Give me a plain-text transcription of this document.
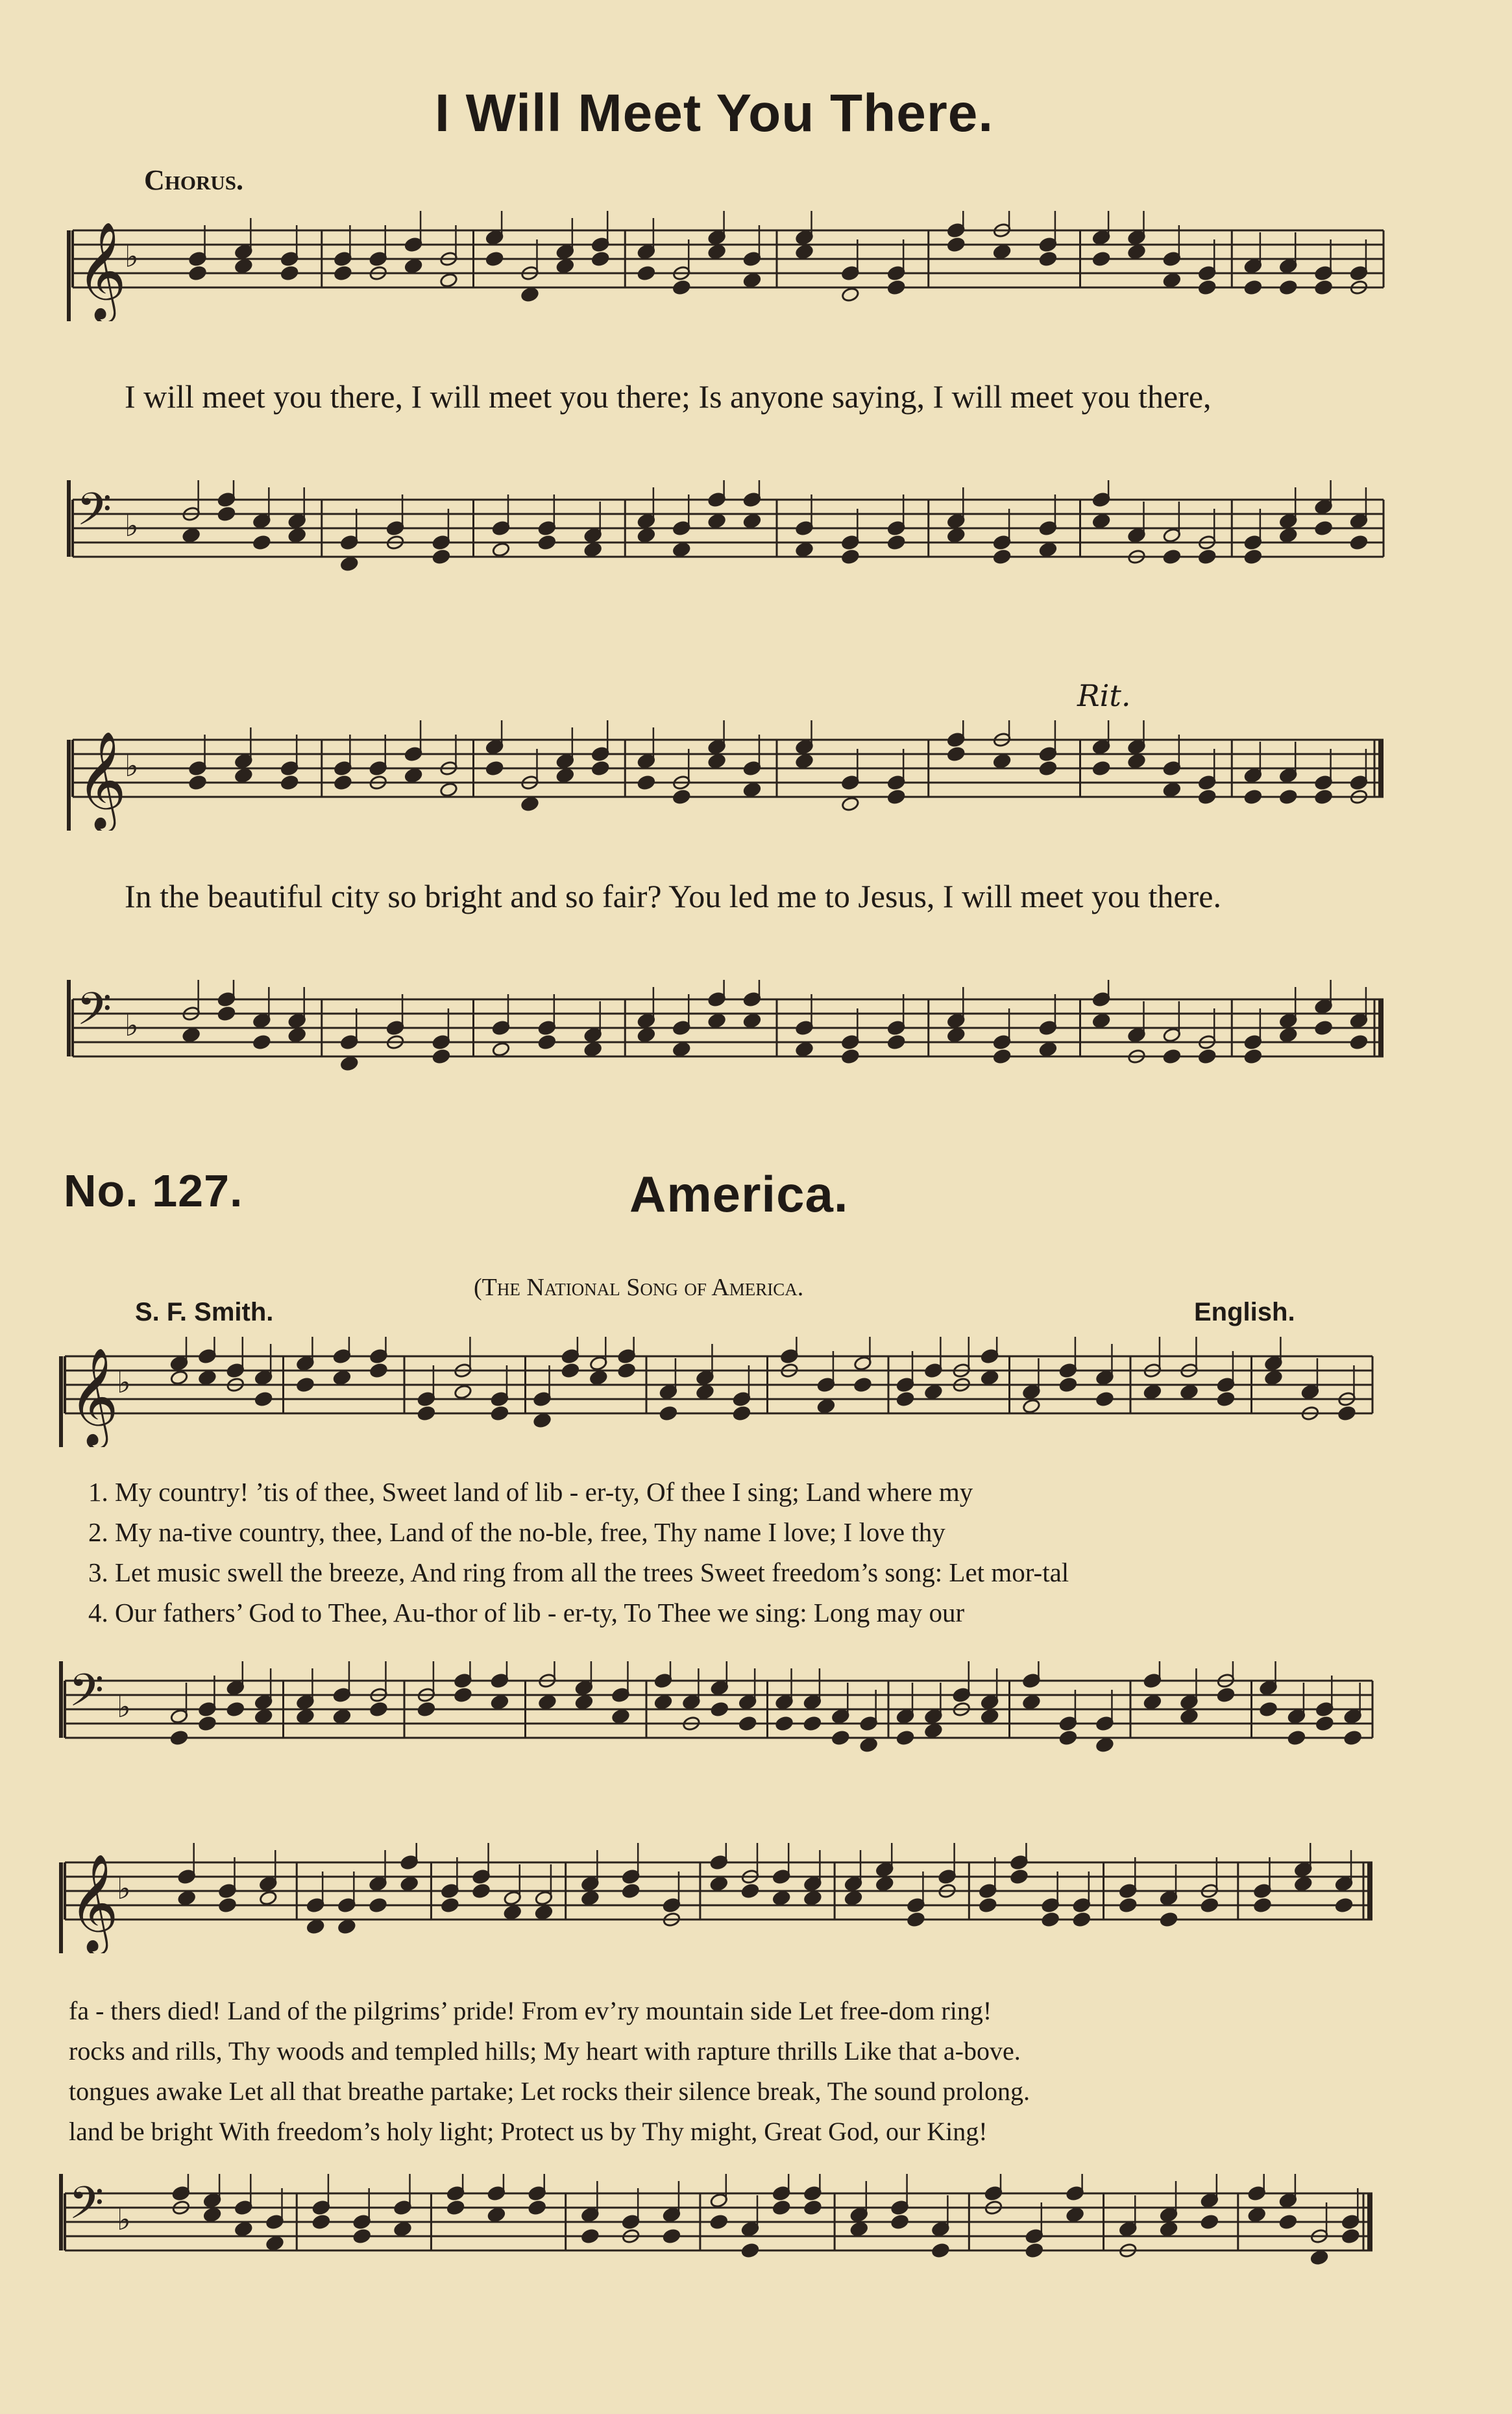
I Will Meet You There.
Chorus.
𝄞
♭
I will meet you there, I will meet you there; Is anyone saying, I will meet you there,
𝄢 ♭
Rit.
𝄞
♭
In the beautiful city so bright and so fair? You led me to Jesus, I will meet you there.
𝄢 ♭
No. 127.	America.
(The National Song of America.
S. F. Smith.	English.
𝄞
♭
1. My country! ’tis of thee, Sweet land of lib - er-ty, Of thee I sing; Land where my
2. My na-tive country, thee, Land of the no-ble, free, Thy name I love; I love thy
3. Let music swell the breeze, And ring from all the trees Sweet freedom’s song: Let mor-tal
4. Our fathers’ God to Thee, Au-thor of lib - er-ty, To Thee we sing: Long may our
𝄢 ♭
𝄞
♭
fa - thers died! Land of the pilgrims’ pride! From ev’ry mountain side Let free-dom ring!
rocks and rills, Thy woods and templed hills; My heart with rapture thrills Like that a-bove.
tongues awake Let all that breathe partake; Let rocks their silence break, The sound prolong.
land be bright With freedom’s holy light; Protect us by Thy might, Great God, our King!
𝄢 ♭
